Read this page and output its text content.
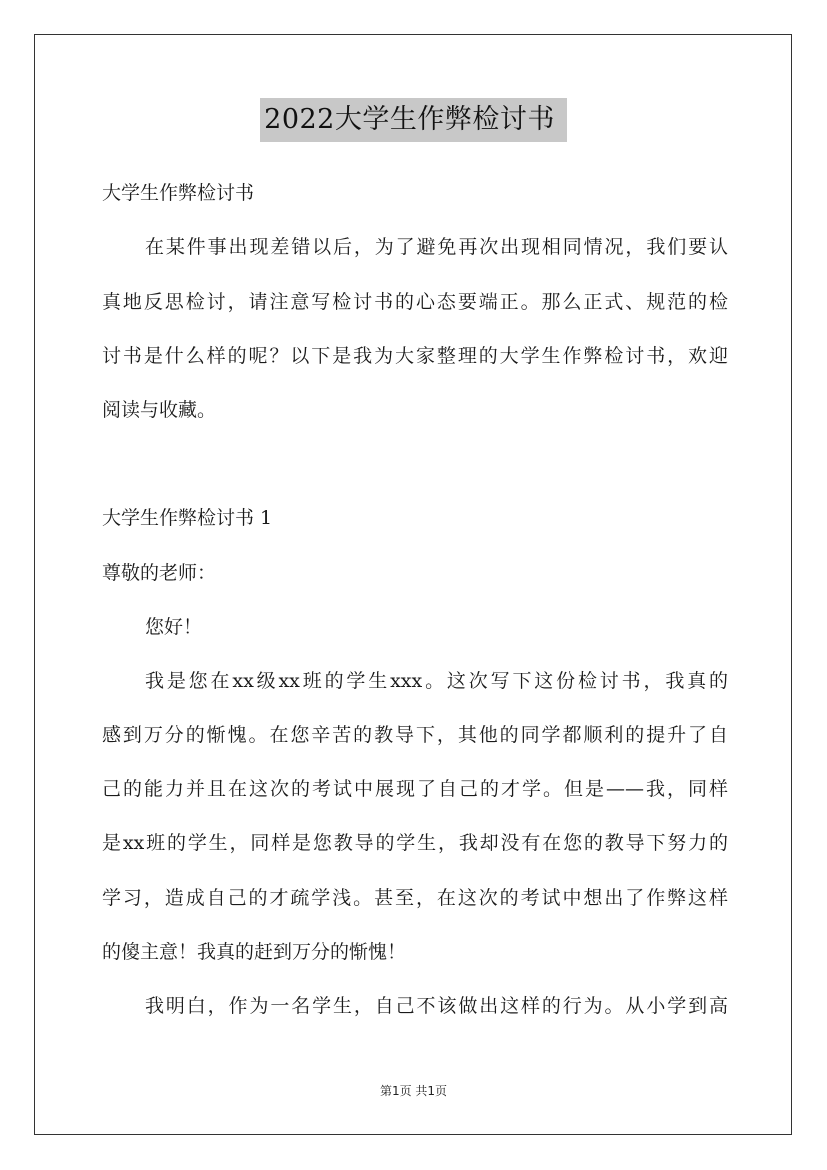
2022大学生作弊检讨书
大学生作弊检讨书
在某件事出现差错以后，为了避免再次出现相同情况，我们要认
真地反思检讨，请注意写检讨书的心态要端正。那么正式、规范的检
讨书是什么样的呢？以下是我为大家整理的大学生作弊检讨书，欢迎
阅读与收藏。
大学生作弊检讨书 1
尊敬的老师：
您好！
我是您在xx级xx班的学生xxx。这次写下这份检讨书，我真的
感到万分的惭愧。在您辛苦的教导下，其他的同学都顺利的提升了自
己的能力并且在这次的考试中展现了自己的才学。但是——我，同样
是xx班的学生，同样是您教导的学生，我却没有在您的教导下努力的
学习，造成自己的才疏学浅。甚至，在这次的考试中想出了作弊这样
的傻主意！我真的赶到万分的惭愧！
我明白，作为一名学生，自己不该做出这样的行为。从小学到高
第1页 共1页
